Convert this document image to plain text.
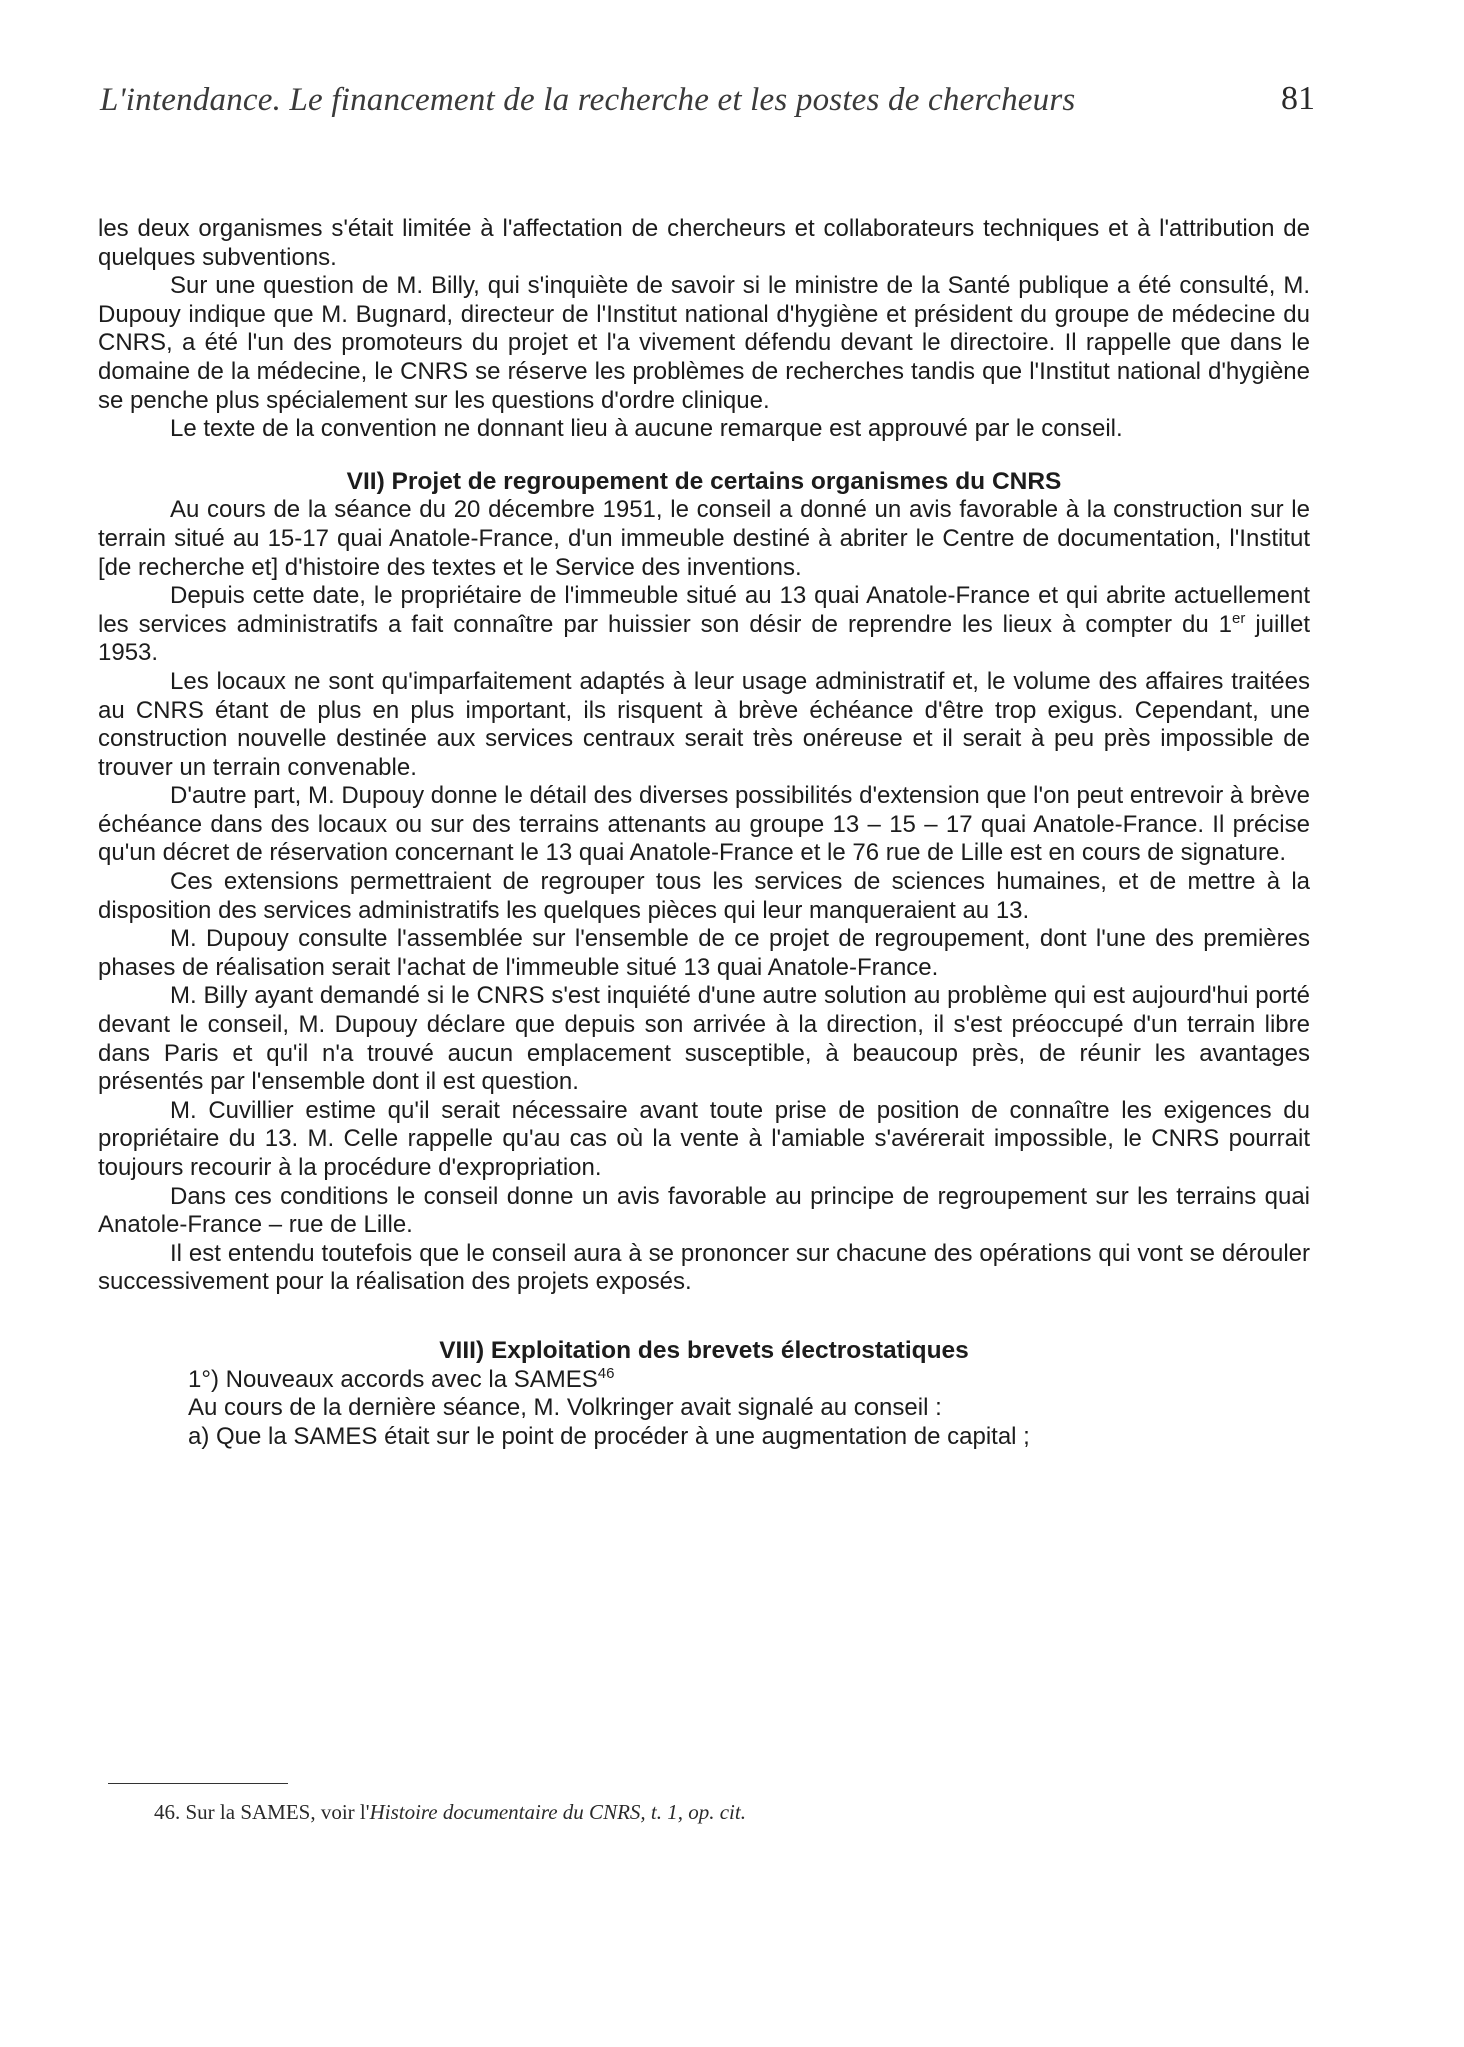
L'intendance. Le financement de la recherche et les postes de chercheurs	81

les deux organismes s'était limitée à l'affectation de chercheurs et collaborateurs techniques et à l'attribution de quelques subventions.

Sur une question de M. Billy, qui s'inquiète de savoir si le ministre de la Santé publique a été consulté, M. Dupouy indique que M. Bugnard, directeur de l'Institut national d'hygiène et président du groupe de médecine du CNRS, a été l'un des promoteurs du projet et l'a vivement défendu devant le directoire. Il rappelle que dans le domaine de la médecine, le CNRS se réserve les problèmes de recherches tandis que l'Institut national d'hygiène se penche plus spécialement sur les questions d'ordre clinique.

Le texte de la convention ne donnant lieu à aucune remarque est approuvé par le conseil.

VII) Projet de regroupement de certains organismes du CNRS

Au cours de la séance du 20 décembre 1951, le conseil a donné un avis favorable à la construction sur le terrain situé au 15-17 quai Anatole-France, d'un immeuble destiné à abriter le Centre de documentation, l'Institut [de recherche et] d'histoire des textes et le Service des inventions.

Depuis cette date, le propriétaire de l'immeuble situé au 13 quai Anatole-France et qui abrite actuellement les services administratifs a fait connaître par huissier son désir de reprendre les lieux à compter du 1er juillet 1953.

Les locaux ne sont qu'imparfaitement adaptés à leur usage administratif et, le volume des affaires traitées au CNRS étant de plus en plus important, ils risquent à brève échéance d'être trop exigus. Cependant, une construction nouvelle destinée aux services centraux serait très onéreuse et il serait à peu près impossible de trouver un terrain convenable.

D'autre part, M. Dupouy donne le détail des diverses possibilités d'extension que l'on peut entrevoir à brève échéance dans des locaux ou sur des terrains attenants au groupe 13 – 15 – 17 quai Anatole-France. Il précise qu'un décret de réservation concernant le 13 quai Anatole-France et le 76 rue de Lille est en cours de signature.

Ces extensions permettraient de regrouper tous les services de sciences humaines, et de mettre à la disposition des services administratifs les quelques pièces qui leur manqueraient au 13.

M. Dupouy consulte l'assemblée sur l'ensemble de ce projet de regroupement, dont l'une des premières phases de réalisation serait l'achat de l'immeuble situé 13 quai Anatole-France.

M. Billy ayant demandé si le CNRS s'est inquiété d'une autre solution au problème qui est aujourd'hui porté devant le conseil, M. Dupouy déclare que depuis son arrivée à la direction, il s'est préoccupé d'un terrain libre dans Paris et qu'il n'a trouvé aucun emplacement susceptible, à beaucoup près, de réunir les avantages présentés par l'ensemble dont il est question.

M. Cuvillier estime qu'il serait nécessaire avant toute prise de position de connaître les exigences du propriétaire du 13. M. Celle rappelle qu'au cas où la vente à l'amiable s'avérerait impossible, le CNRS pourrait toujours recourir à la procédure d'expropriation.

Dans ces conditions le conseil donne un avis favorable au principe de regroupement sur les terrains quai Anatole-France – rue de Lille.

Il est entendu toutefois que le conseil aura à se prononcer sur chacune des opérations qui vont se dérouler successivement pour la réalisation des projets exposés.

VIII) Exploitation des brevets électrostatiques

1°) Nouveaux accords avec la SAMES$^{46}$

Au cours de la dernière séance, M. Volkringer avait signalé au conseil :

a) Que la SAMES était sur le point de procéder à une augmentation de capital ;

46. Sur la SAMES, voir l'Histoire documentaire du CNRS, t. 1, op. cit.
